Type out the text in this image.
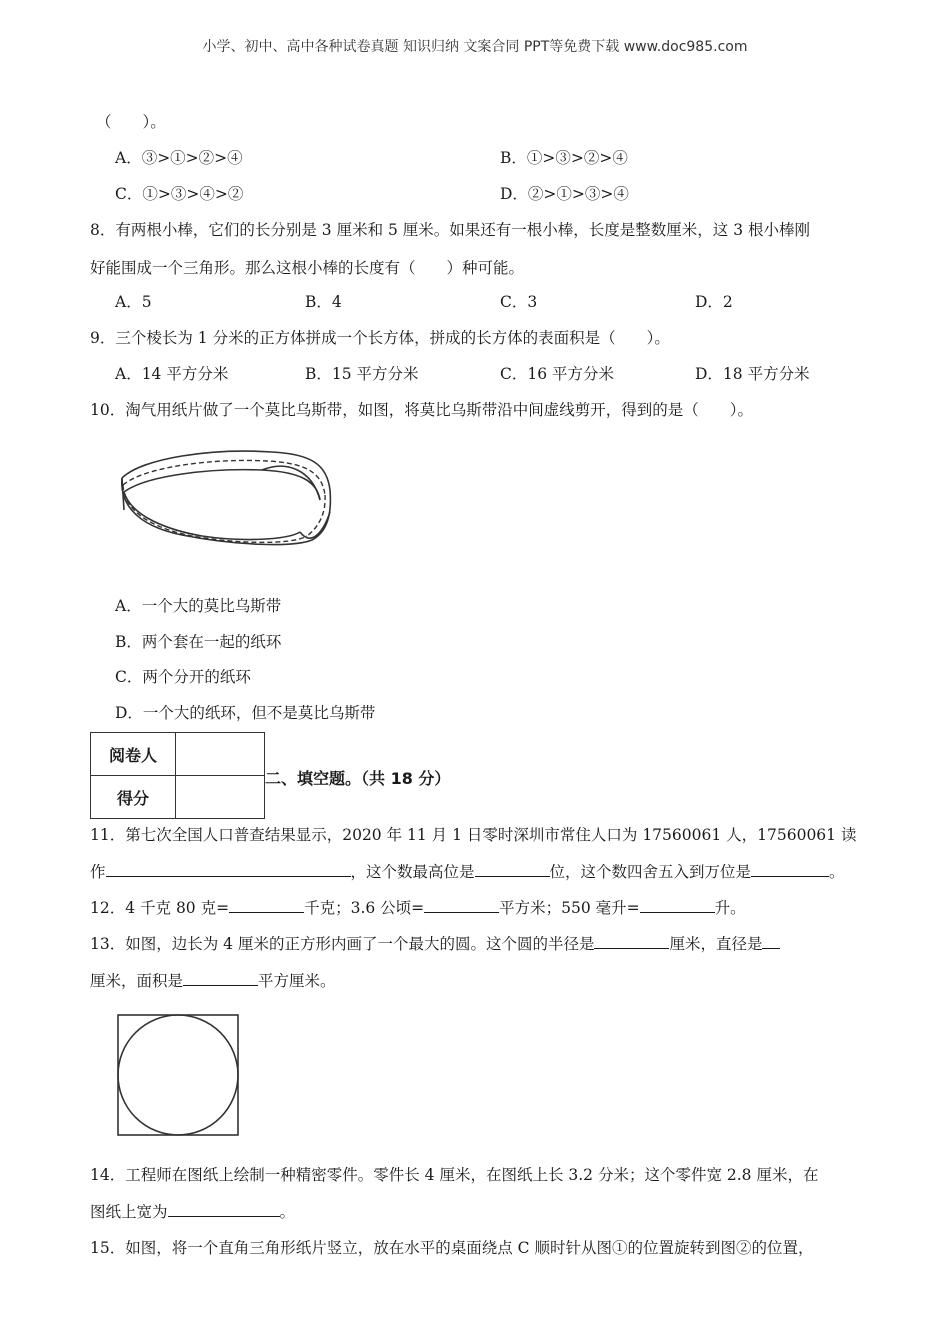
小学、初中、高中各种试卷真题 知识归纳 文案合同 PPT等免费下载 www.doc985.com
（　　）。
A．③>①>②>④	B．①>③>②>④
C．①>③>④>②	D．②>①>③>④
8．有两根小棒，它们的长分别是 3 厘米和 5 厘米。如果还有一根小棒，长度是整数厘米，这 3 根小棒刚
好能围成一个三角形。那么这根小棒的长度有（　　）种可能。
A．5	B．4	C．3	D．2
9．三个棱长为 1 分米的正方体拼成一个长方体，拼成的长方体的表面积是（　　）。
A．14 平方分米	B．15 平方分米	C．16 平方分米	D．18 平方分米
10．淘气用纸片做了一个莫比乌斯带，如图，将莫比乌斯带沿中间虚线剪开，得到的是（　　）。
A．一个大的莫比乌斯带
B．两个套在一起的纸环
C．两个分开的纸环
D．一个大的纸环，但不是莫比乌斯带
阅卷人	
得分	
二、填空题。（共 18 分）
11．第七次全国人口普查结果显示，2020 年 11 月 1 日零时深圳市常住人口为 17560061 人，17560061 读
作	，这个数最高位是	位，这个数四舍五入到万位是	。
12．4 千克 80 克=	千克；3.6 公顷=	平方米；550 毫升=	升。
13．如图，边长为 4 厘米的正方形内画了一个最大的圆。这个圆的半径是	厘米，直径是
厘米，面积是	平方厘米。
14．工程师在图纸上绘制一种精密零件。零件长 4 厘米，在图纸上长 3.2 分米；这个零件宽 2.8 厘米，在
图纸上宽为	。
15．如图，将一个直角三角形纸片竖立，放在水平的桌面绕点 C 顺时针从图①的位置旋转到图②的位置，
